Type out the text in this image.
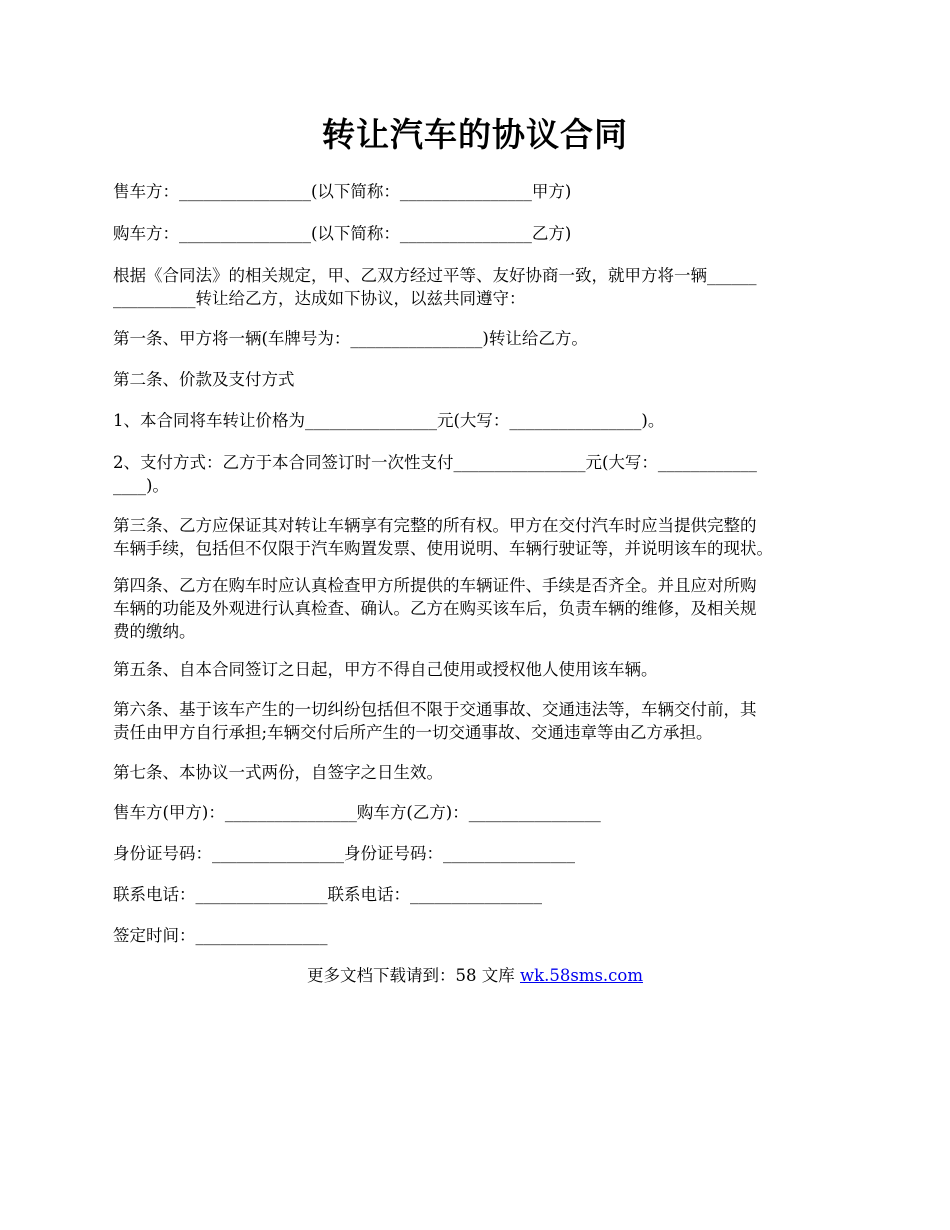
转让汽车的协议合同
售车方：________________(以下简称：________________甲方)
购车方：________________(以下简称：________________乙方)
根据《合同法》的相关规定，甲、乙双方经过平等、友好协商一致，就甲方将一辆______
__________转让给乙方，达成如下协议，以兹共同遵守：
第一条、甲方将一辆(车牌号为：________________)转让给乙方。
第二条、价款及支付方式
1、本合同将车转让价格为________________元(大写：________________)。
2、支付方式：乙方于本合同签订时一次性支付________________元(大写：____________
____)。
第三条、乙方应保证其对转让车辆享有完整的所有权。甲方在交付汽车时应当提供完整的
车辆手续，包括但不仅限于汽车购置发票、使用说明、车辆行驶证等，并说明该车的现状。
第四条、乙方在购车时应认真检查甲方所提供的车辆证件、手续是否齐全。并且应对所购
车辆的功能及外观进行认真检查、确认。乙方在购买该车后，负责车辆的维修，及相关规
费的缴纳。
第五条、自本合同签订之日起，甲方不得自己使用或授权他人使用该车辆。
第六条、基于该车产生的一切纠纷包括但不限于交通事故、交通违法等，车辆交付前，其
责任由甲方自行承担;车辆交付后所产生的一切交通事故、交通违章等由乙方承担。
第七条、本协议一式两份，自签字之日生效。
售车方(甲方)：________________购车方(乙方)：________________
身份证号码：________________身份证号码：________________
联系电话：________________联系电话：________________
签定时间：________________
更多文档下载请到：58 文库 wk.58sms.com
